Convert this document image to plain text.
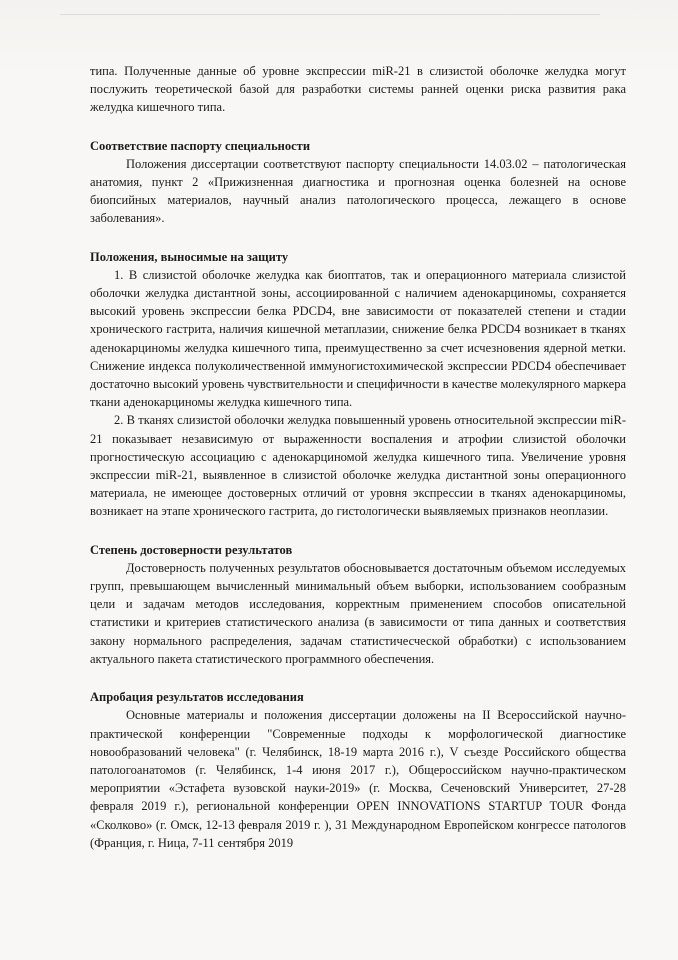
типа. Полученные данные об уровне экспрессии miR-21 в слизистой оболочке желудка могут послужить теоретической базой для разработки системы ранней оценки риска развития рака желудка кишечного типа.

Соответствие паспорту специальности

Положения диссертации соответствуют паспорту специальности 14.03.02 – патологическая анатомия, пункт 2 «Прижизненная диагностика и прогнозная оценка болезней на основе биопсийных материалов, научный анализ патологического процесса, лежащего в основе заболевания».

Положения, выносимые на защиту
1. В слизистой оболочке желудка как биоптатов, так и операционного материала слизистой оболочки желудка дистантной зоны, ассоциированной с наличием аденокарциномы, сохраняется высокий уровень экспрессии белка PDCD4, вне зависимости от показателей степени и стадии хронического гастрита, наличия кишечной метаплазии, снижение белка PDCD4 возникает в тканях аденокарциномы желудка кишечного типа, преимущественно за счет исчезновения ядерной метки. Снижение индекса полуколичественной иммуногистохимической экспрессии PDCD4 обеспечивает достаточно высокий уровень чувствительности и специфичности в качестве молекулярного маркера ткани аденокарциномы желудка кишечного типа.
2. В тканях слизистой оболочки желудка повышенный уровень относительной экспрессии miR-21 показывает независимую от выраженности воспаления и атрофии слизистой оболочки прогностическую ассоциацию с аденокарциномой желудка кишечного типа. Увеличение уровня экспрессии miR-21, выявленное в слизистой оболочке желудка дистантной зоны операционного материала, не имеющее достоверных отличий от уровня экспрессии в тканях аденокарциномы, возникает на этапе хронического гастрита, до гистологически выявляемых признаков неоплазии.
Степень достоверности результатов

Достоверность полученных результатов обосновывается достаточным объемом исследуемых групп, превышающем вычисленный минимальный объем выборки, использованием сообразным цели и задачам методов исследования, корректным применением способов описательной статистики и критериев статистического анализа (в зависимости от типа данных и соответствия закону нормального распределения, задачам статистичесческой обработки) с использованием актуального пакета статистического программного обеспечения.

Апробация результатов исследования

Основные материалы и положения диссертации доложены на II Всероссийской научно-практической конференции "Современные подходы к морфологической диагностике новообразований человека" (г. Челябинск, 18-19 марта 2016 г.), V съезде Российского общества патологоанатомов (г. Челябинск, 1-4 июня 2017 г.), Общероссийском научно-практическом мероприятии «Эстафета вузовской науки-2019» (г. Москва, Сеченовский Университет, 27-28 февраля 2019 г.), региональной конференции OPEN INNOVATIONS STARTUP TOUR Фонда «Сколково» (г. Омск, 12-13 февраля 2019 г. ), 31 Международном Европейском конгрессе патологов (Франция, г. Ница, 7-11 сентября 2019
